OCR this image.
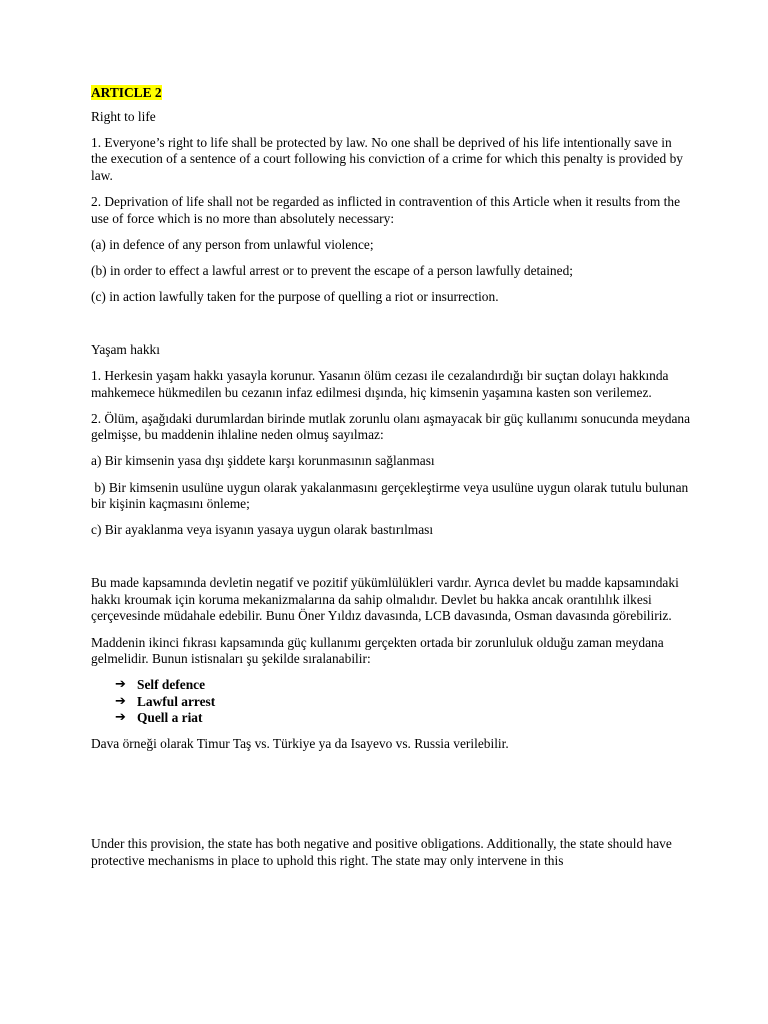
ARTICLE 2

Right to life

1. Everyone’s right to life shall be protected by law. No one shall be deprived of his life intentionally save in the execution of a sentence of a court following his conviction of a crime for which this penalty is provided by law.

2. Deprivation of life shall not be regarded as inflicted in contravention of this Article when it results from the use of force which is no more than absolutely necessary:

(a) in defence of any person from unlawful violence;

(b) in order to effect a lawful arrest or to prevent the escape of a person lawfully detained;

(c) in action lawfully taken for the purpose of quelling a riot or insurrection.

Yaşam hakkı

1. Herkesin yaşam hakkı yasayla korunur. Yasanın ölüm cezası ile cezalandırdığı bir suçtan dolayı hakkında mahkemece hükmedilen bu cezanın infaz edilmesi dışında, hiç kimsenin yaşamına kasten son verilemez.

2. Ölüm, aşağıdaki durumlardan birinde mutlak zorunlu olanı aşmayacak bir güç kullanımı sonucunda meydana gelmişse, bu maddenin ihlaline neden olmuş sayılmaz:

a) Bir kimsenin yasa dışı şiddete karşı korunmasının sağlanması

b) Bir kimsenin usulüne uygun olarak yakalanmasını gerçekleştirme veya usulüne uygun olarak tutulu bulunan bir kişinin kaçmasını önleme;

c) Bir ayaklanma veya isyanın yasaya uygun olarak bastırılması

Bu made kapsamında devletin negatif ve pozitif yükümlülükleri vardır. Ayrıca devlet bu madde kapsamındaki hakkı kroumak için koruma mekanizmalarına da sahip olmalıdır. Devlet bu hakka ancak orantılılık ilkesi çerçevesinde müdahale edebilir. Bunu Öner Yıldız davasında, LCB davasında, Osman davasında görebiliriz.

Maddenin ikinci fıkrası kapsamında güç kullanımı gerçekten ortada bir zorunluluk olduğu zaman meydana gelmelidir. Bunun istisnaları şu şekilde sıralanabilir:

➔ Self defence
➔ Lawful arrest
➔ Quell a riat

Dava örneği olarak Timur Taş vs. Türkiye ya da Isayevo vs. Russia verilebilir.

Under this provision, the state has both negative and positive obligations. Additionally, the state should have protective mechanisms in place to uphold this right. The state may only intervene in this
